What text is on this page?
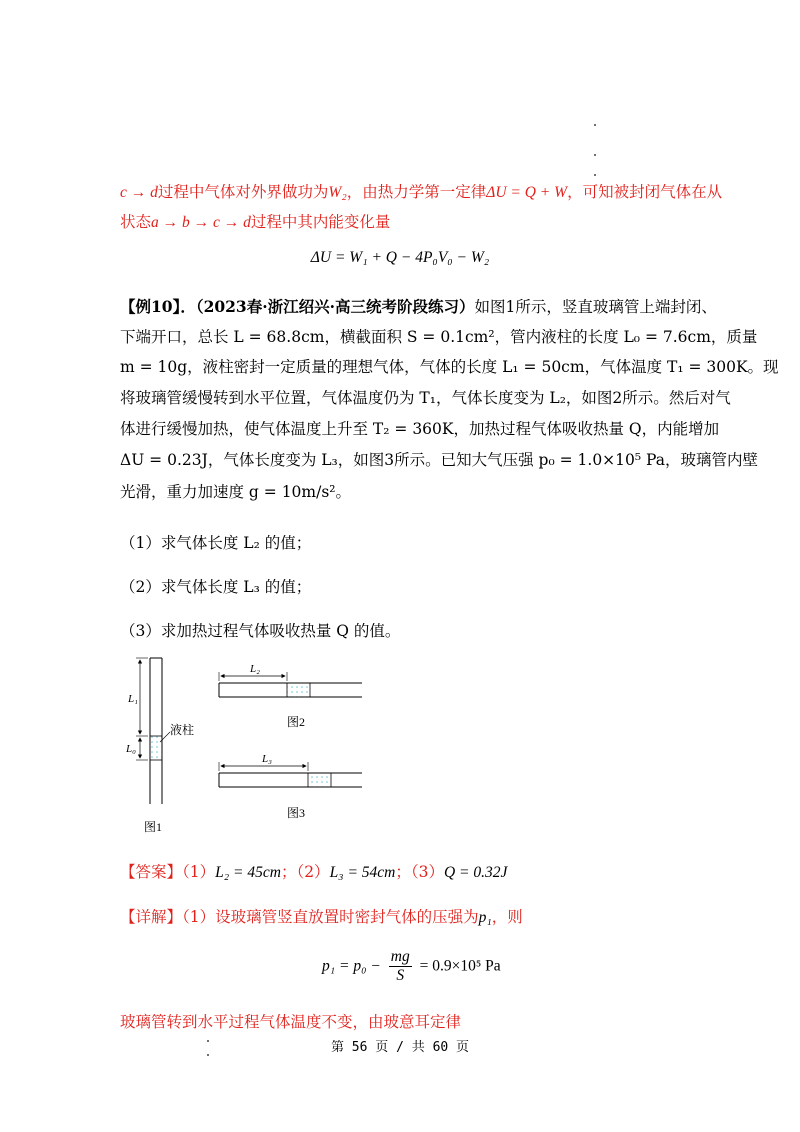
c → d过程中气体对外界做功为W₂，由热力学第一定律ΔU = Q + W，可知被封闭气体在从
状态a → b → c → d过程中其内能变化量
ΔU = W₁ + Q − 4P₀V₀ − W₂
【例10】．（2023春·浙江绍兴·高三统考阶段练习）如图1所示，竖直玻璃管上端封闭、
下端开口，总长 L = 68.8cm，横截面积 S = 0.1cm²，管内液柱的长度 L₀ = 7.6cm，质量
m = 10g，液柱密封一定质量的理想气体，气体的长度 L₁ = 50cm，气体温度 T₁ = 300K。现
将玻璃管缓慢转到水平位置，气体温度仍为 T₁，气体长度变为 L₂，如图2所示。然后对气
体进行缓慢加热，使气体温度上升至 T₂ = 360K，加热过程气体吸收热量 Q，内能增加
ΔU = 0.23J，气体长度变为 L₃，如图3所示。已知大气压强 p₀ = 1.0×10⁵ Pa，玻璃管内壁
光滑，重力加速度 g = 10m/s²。
（1）求气体长度 L₂ 的值；
（2）求气体长度 L₃ 的值；
（3）求加热过程气体吸收热量 Q 的值。
L₁
L₀
液柱
图1
L₂
图2
L₃
图3
【答案】（1）L₂ = 45cm；（2）L₃ = 54cm；（3）Q = 0.32J
【详解】（1）设玻璃管竖直放置时密封气体的压强为p₁，则
$p_1 = p_0 - \frac{mg}{S} = 0.9\times 10^5$ Pa
玻璃管转到水平过程气体温度不变，由玻意耳定律
第 56 页 / 共 60 页
